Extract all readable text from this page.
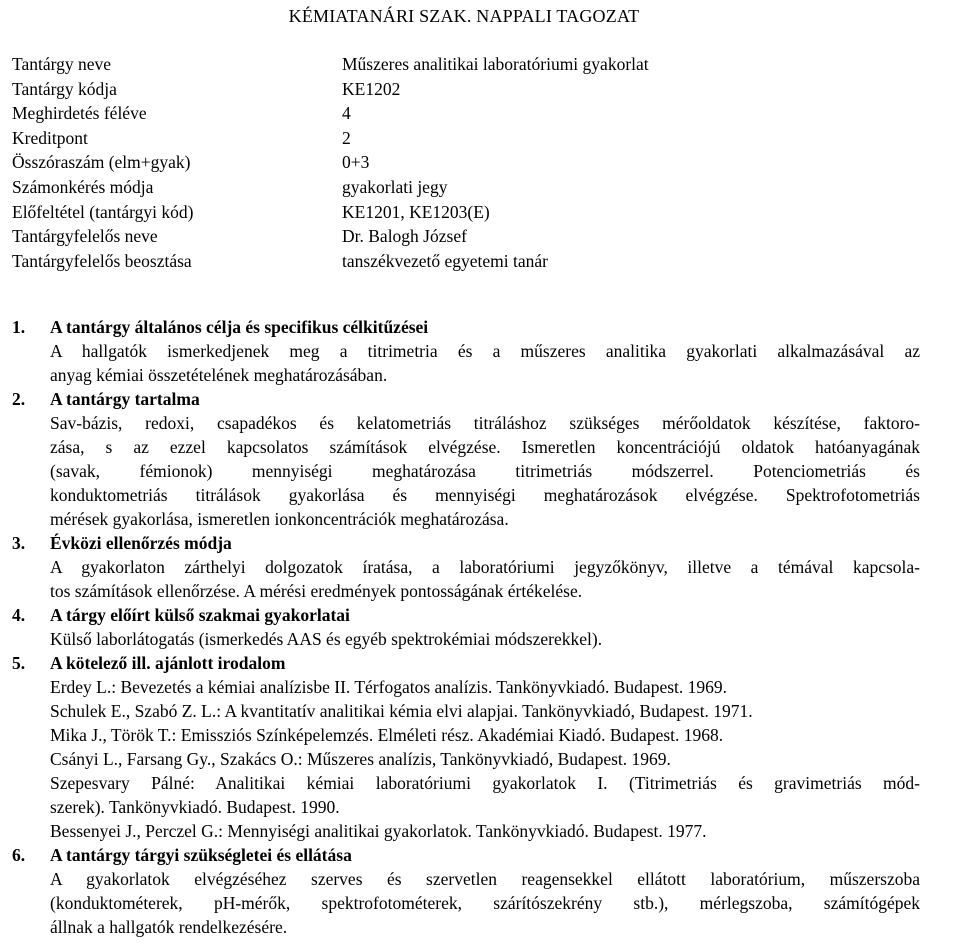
KÉMIATANÁRI SZAK. NAPPALI TAGOZAT
Tantárgy neve	Műszeres analitikai laboratóriumi gyakorlat
Tantárgy kódja	KE1202
Meghirdetés féléve	4
Kreditpont	2
Összóraszám (elm+gyak)	0+3
Számonkérés módja	gyakorlati jegy
Előfeltétel (tantárgyi kód)	KE1201, KE1203(E)
Tantárgyfelelős neve	Dr. Balogh József
Tantárgyfelelős beosztása	tanszékvezető egyetemi tanár
1. A tantárgy általános célja és specifikus célkitűzései
A hallgatók ismerkedjenek meg a titrimetria és a műszeres analitika gyakorlati alkalmazásával az
anyag kémiai összetételének meghatározásában.
2. A tantárgy tartalma
Sav-bázis, redoxi, csapadékos és kelatometriás titráláshoz szükséges mérőoldatok készítése, faktoro-
zása, s az ezzel kapcsolatos számítások elvégzése. Ismeretlen koncentrációjú oldatok hatóanyagának
(savak, fémionok) mennyiségi meghatározása titrimetriás módszerrel. Potenciometriás és
konduktometriás titrálások gyakorlása és mennyiségi meghatározások elvégzése. Spektrofotometriás
mérések gyakorlása, ismeretlen ionkoncentrációk meghatározása.
3. Évközi ellenőrzés módja
A gyakorlaton zárthelyi dolgozatok íratása, a laboratóriumi jegyzőkönyv, illetve a témával kapcsola-
tos számítások ellenőrzése. A mérési eredmények pontosságának értékelése.
4. A tárgy előírt külső szakmai gyakorlatai
Külső laborlátogatás (ismerkedés AAS és egyéb spektrokémiai módszerekkel).
5. A kötelező ill. ajánlott irodalom
Erdey L.: Bevezetés a kémiai analízisbe II. Térfogatos analízis. Tankönyvkiadó. Budapest. 1969.
Schulek E., Szabó Z. L.: A kvantitatív analitikai kémia elvi alapjai. Tankönyvkiadó, Budapest. 1971.
Mika J., Török T.: Emissziós Színképelemzés. Elméleti rész. Akadémiai Kiadó. Budapest. 1968.
Csányi L., Farsang Gy., Szakács O.: Műszeres analízis, Tankönyvkiadó, Budapest. 1969.
Szepesvary Pálné: Analitikai kémiai laboratóriumi gyakorlatok I. (Titrimetriás és gravimetriás mód-
szerek). Tankönyvkiadó. Budapest. 1990.
Bessenyei J., Perczel G.: Mennyiségi analitikai gyakorlatok. Tankönyvkiadó. Budapest. 1977.
6. A tantárgy tárgyi szükségletei és ellátása
A gyakorlatok elvégzéséhez szerves és szervetlen reagensekkel ellátott laboratórium, műszerszoba
(konduktométerek, pH-mérők, spektrofotométerek, szárítószekrény stb.), mérlegszoba, számítógépek
állnak a hallgatók rendelkezésére.
